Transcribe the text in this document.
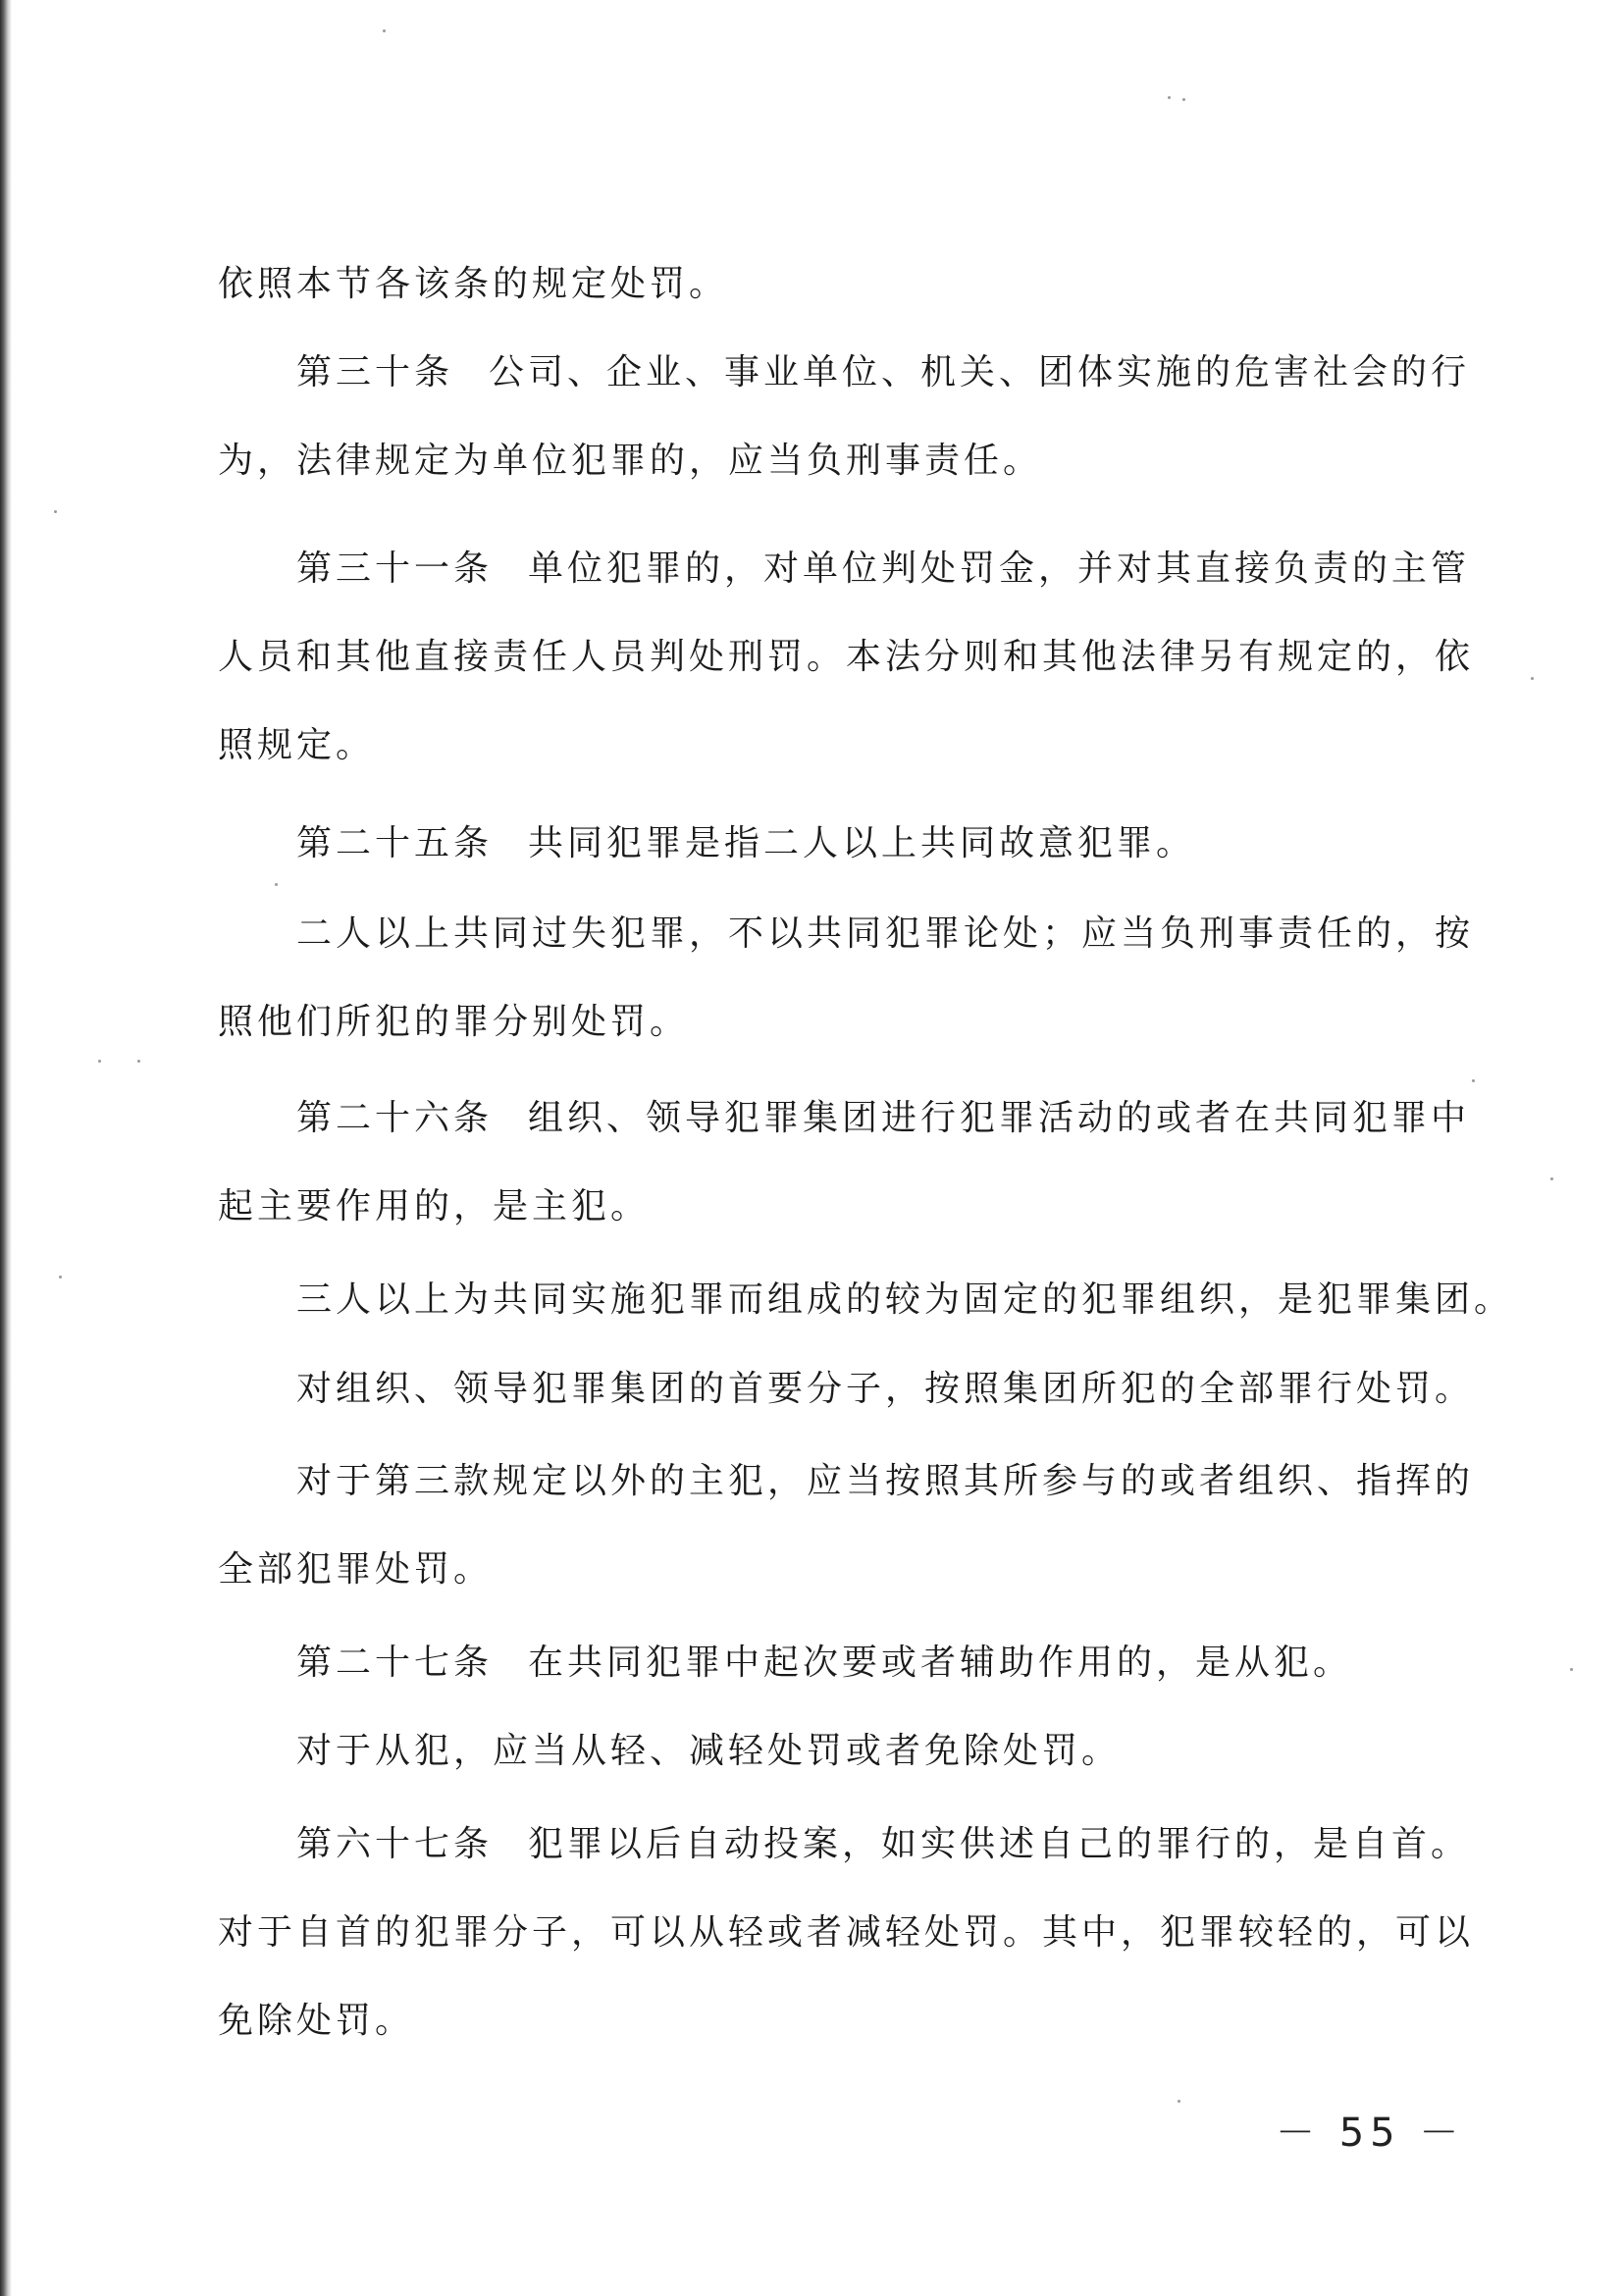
依照本节各该条的规定处罚。
第三十条 公司、企业、事业单位、机关、团体实施的危害社会的行
为，法律规定为单位犯罪的，应当负刑事责任。
第三十一条 单位犯罪的，对单位判处罚金，并对其直接负责的主管
人员和其他直接责任人员判处刑罚。本法分则和其他法律另有规定的，依
照规定。
第二十五条 共同犯罪是指二人以上共同故意犯罪。
二人以上共同过失犯罪，不以共同犯罪论处；应当负刑事责任的，按
照他们所犯的罪分别处罚。
第二十六条 组织、领导犯罪集团进行犯罪活动的或者在共同犯罪中
起主要作用的，是主犯。
三人以上为共同实施犯罪而组成的较为固定的犯罪组织，是犯罪集团。
对组织、领导犯罪集团的首要分子，按照集团所犯的全部罪行处罚。
对于第三款规定以外的主犯，应当按照其所参与的或者组织、指挥的
全部犯罪处罚。
第二十七条 在共同犯罪中起次要或者辅助作用的，是从犯。
对于从犯，应当从轻、减轻处罚或者免除处罚。
第六十七条 犯罪以后自动投案，如实供述自己的罪行的，是自首。
对于自首的犯罪分子，可以从轻或者减轻处罚。其中，犯罪较轻的，可以
免除处罚。
－ 55 －
